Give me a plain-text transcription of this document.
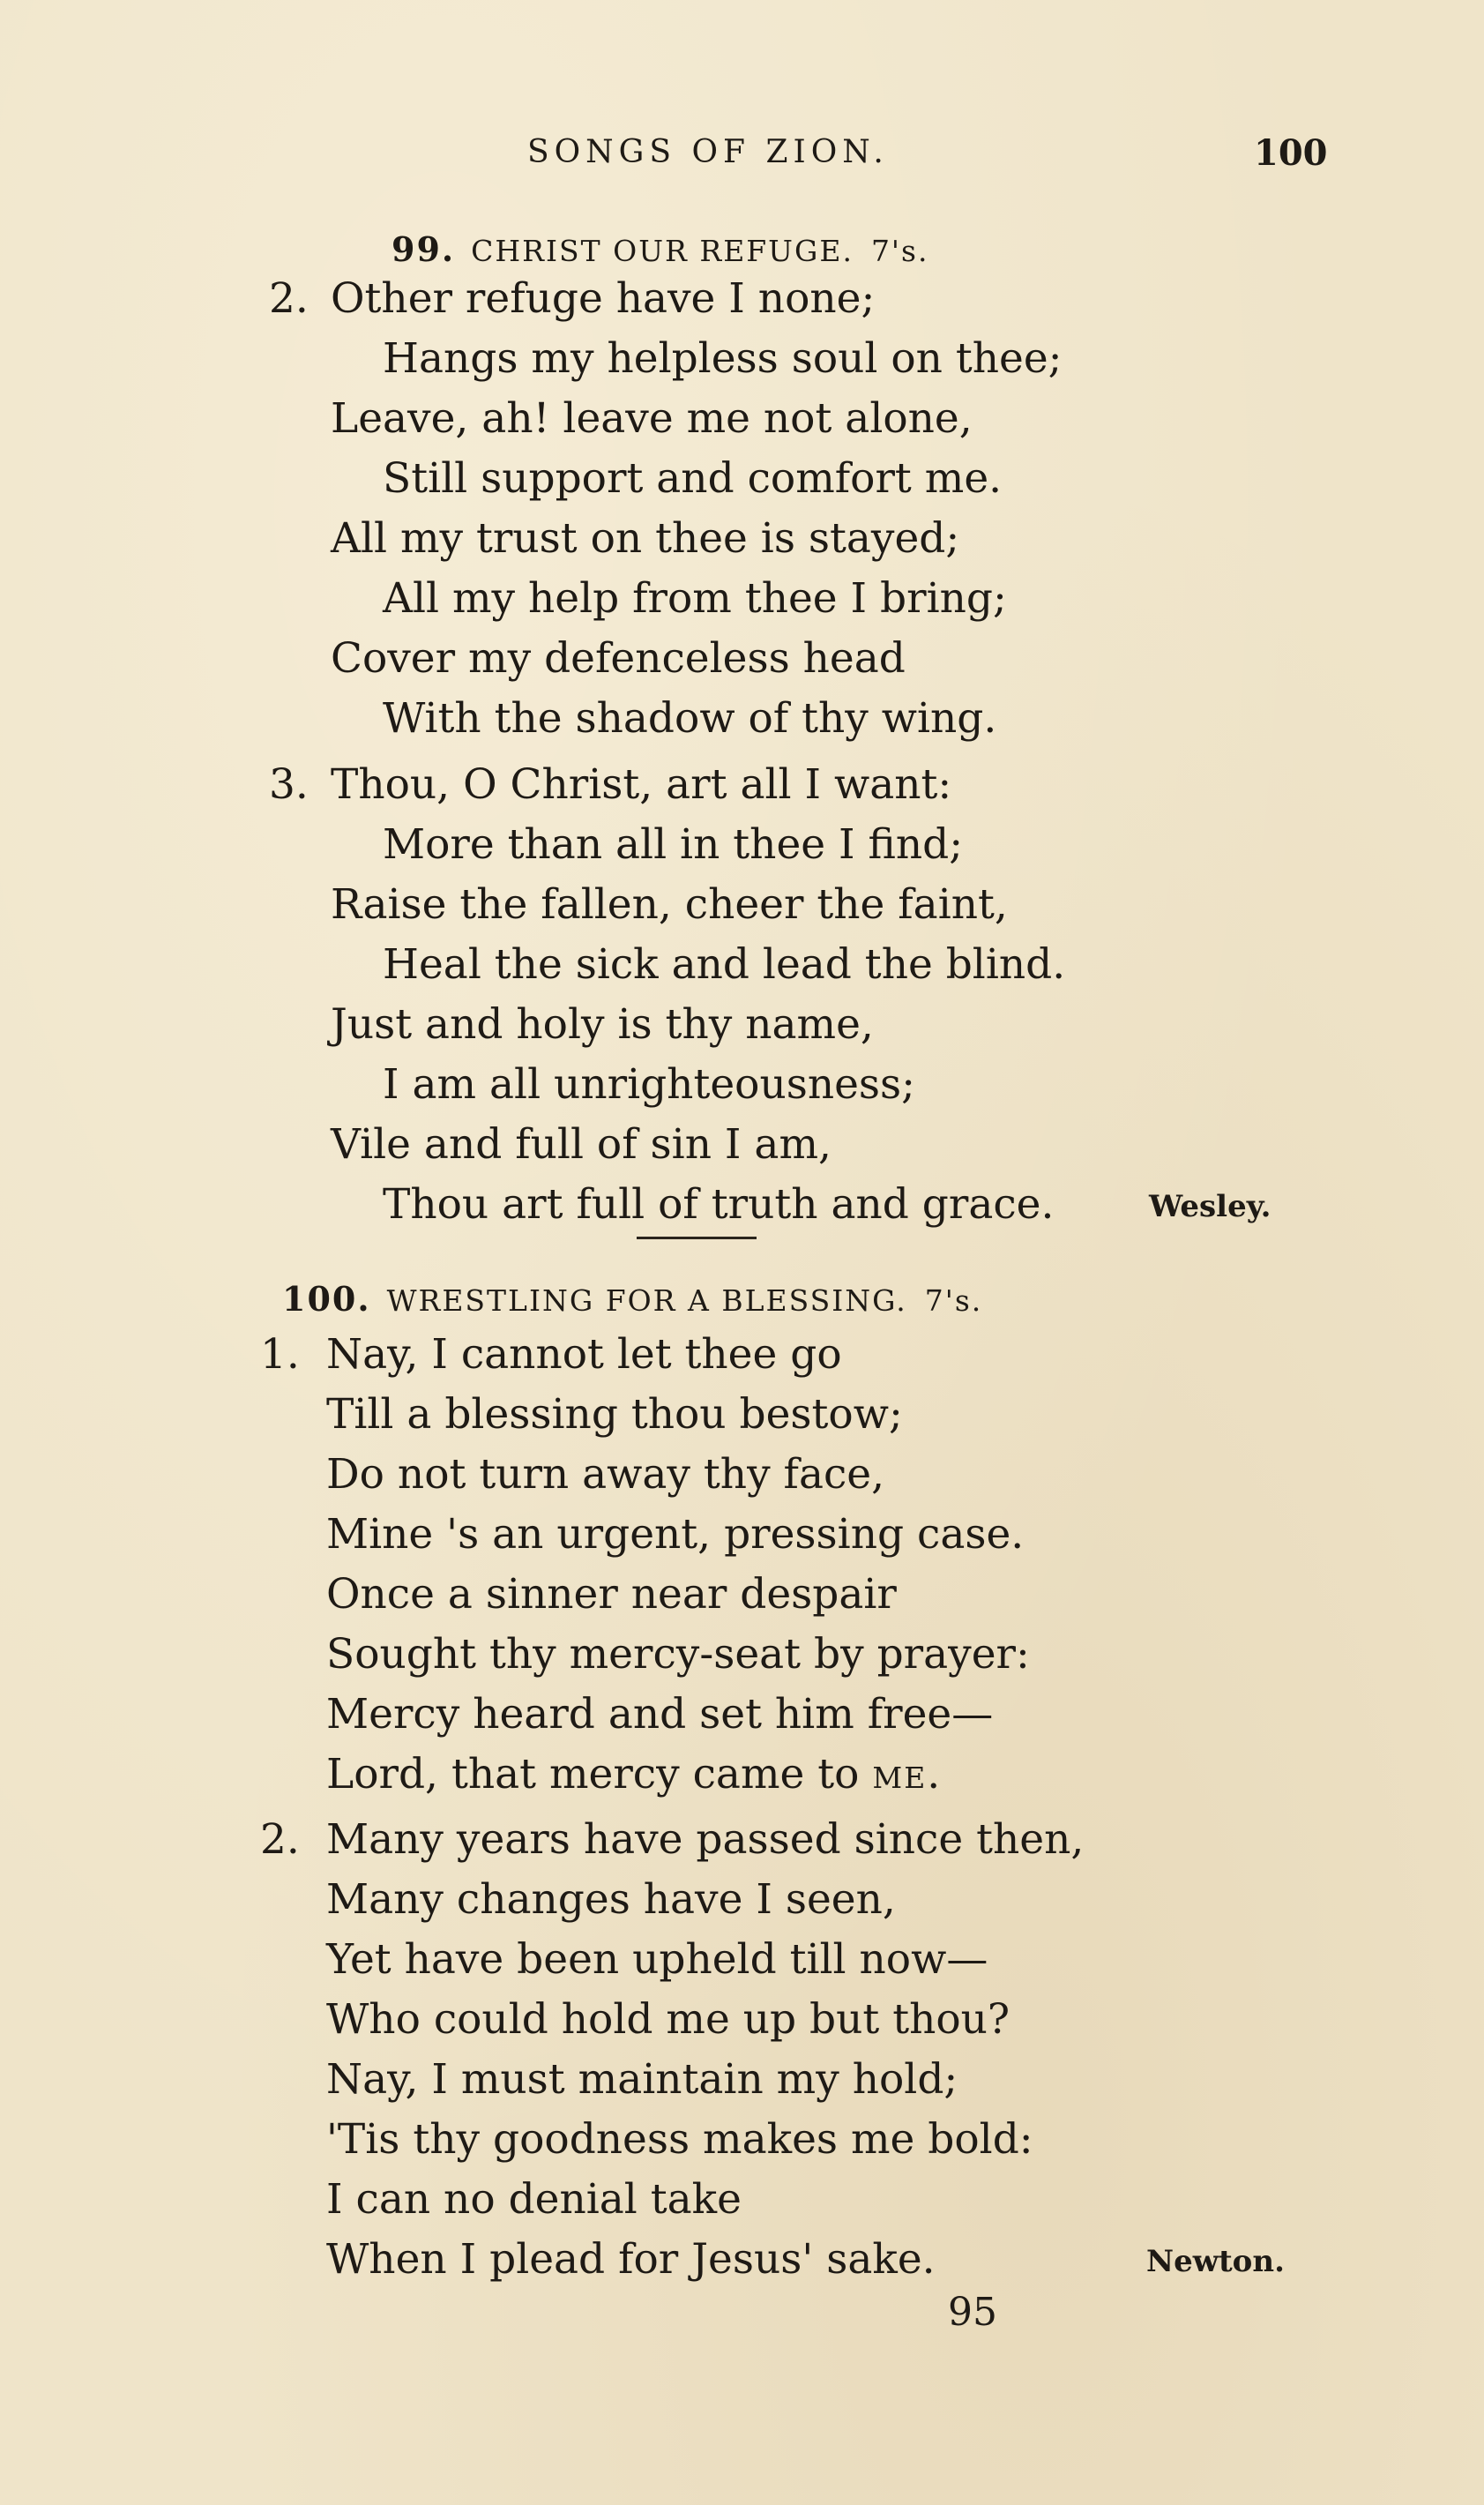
SONGS OF ZION.	100
99. CHRIST OUR REFUGE. 7's.
2. Other refuge have I none;
Hangs my helpless soul on thee;
Leave, ah! leave me not alone,
Still support and comfort me.
All my trust on thee is stayed;
All my help from thee I bring;
Cover my defenceless head
With the shadow of thy wing.
3. Thou, O Christ, art all I want:
More than all in thee I find;
Raise the fallen, cheer the faint,
Heal the sick and lead the blind.
Just and holy is thy name,
I am all unrighteousness;
Vile and full of sin I am,
Thou art full of truth and grace.	Wesley.
100. WRESTLING FOR A BLESSING. 7's.
1. Nay, I cannot let thee go
Till a blessing thou bestow;
Do not turn away thy face,
Mine 's an urgent, pressing case.
Once a sinner near despair
Sought thy mercy-seat by prayer:
Mercy heard and set him free—
Lord, that mercy came to me.
2. Many years have passed since then,
Many changes have I seen,
Yet have been upheld till now—
Who could hold me up but thou?
Nay, I must maintain my hold;
'Tis thy goodness makes me bold:
I can no denial take
When I plead for Jesus' sake.	Newton.
95
